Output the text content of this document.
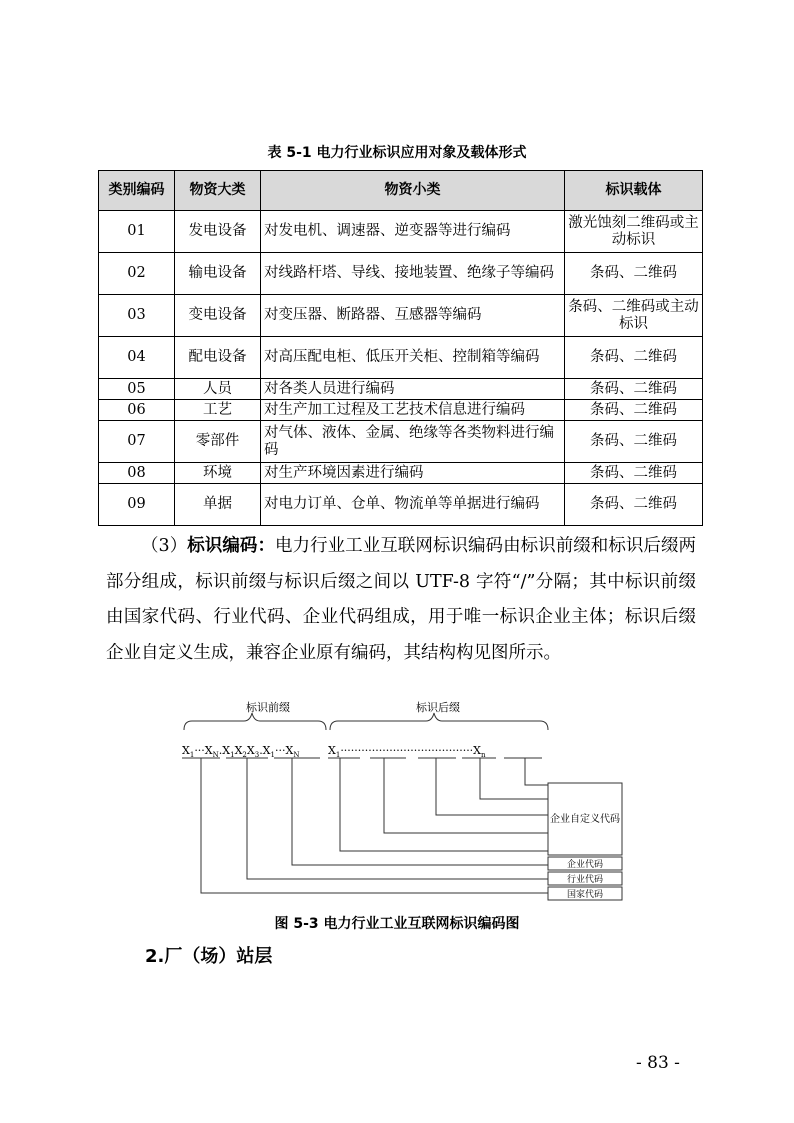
表 5-1 电力行业标识应用对象及载体形式
类别编码	物资大类	物资小类	标识载体
01	发电设备	对发电机、调速器、逆变器等进行编码	激光蚀刻二维码或主动标识
02	输电设备	对线路杆塔、导线、接地装置、绝缘子等编码	条码、二维码
03	变电设备	对变压器、断路器、互感器等编码	条码、二维码或主动标识
04	配电设备	对高压配电柜、低压开关柜、控制箱等编码	条码、二维码
05	人员	对各类人员进行编码	条码、二维码
06	工艺	对生产加工过程及工艺技术信息进行编码	条码、二维码
07	零部件	对气体、液体、金属、绝缘等各类物料进行编码	条码、二维码
08	环境	对生产环境因素进行编码	条码、二维码
09	单据	对电力订单、仓单、物流单等单据进行编码	条码、二维码
（3）标识编码：电力行业工业互联网标识编码由标识前缀和标识后缀两部分组成，标识前缀与标识后缀之间以 UTF-8 字符“/”分隔；其中标识前缀由国家代码、行业代码、企业代码组成，用于唯一标识企业主体；标识后缀企业自定义生成，兼容企业原有编码，其结构构见图所示。
标识前缀	标识后缀
$X_1\cdot\cdot\cdot X_N.X_1X_2X_3.X_1\cdot\cdot\cdot X_N$	$X_1\cdot\cdot\cdot\cdot\cdot\cdot\cdot\cdot\cdot\cdot\cdot\cdot\cdot\cdot\cdot\cdot\cdot\cdot\cdot\cdot\cdot\cdot\cdot\cdot\cdot\cdot\cdot\cdot\cdot\cdot\cdot\cdot\cdot\cdot\cdot\cdot\cdot\cdot X_n$
企业自定义代码
企业代码
行业代码
国家代码
图 5-3 电力行业工业互联网标识编码图
2.厂（场）站层
- 83 -
